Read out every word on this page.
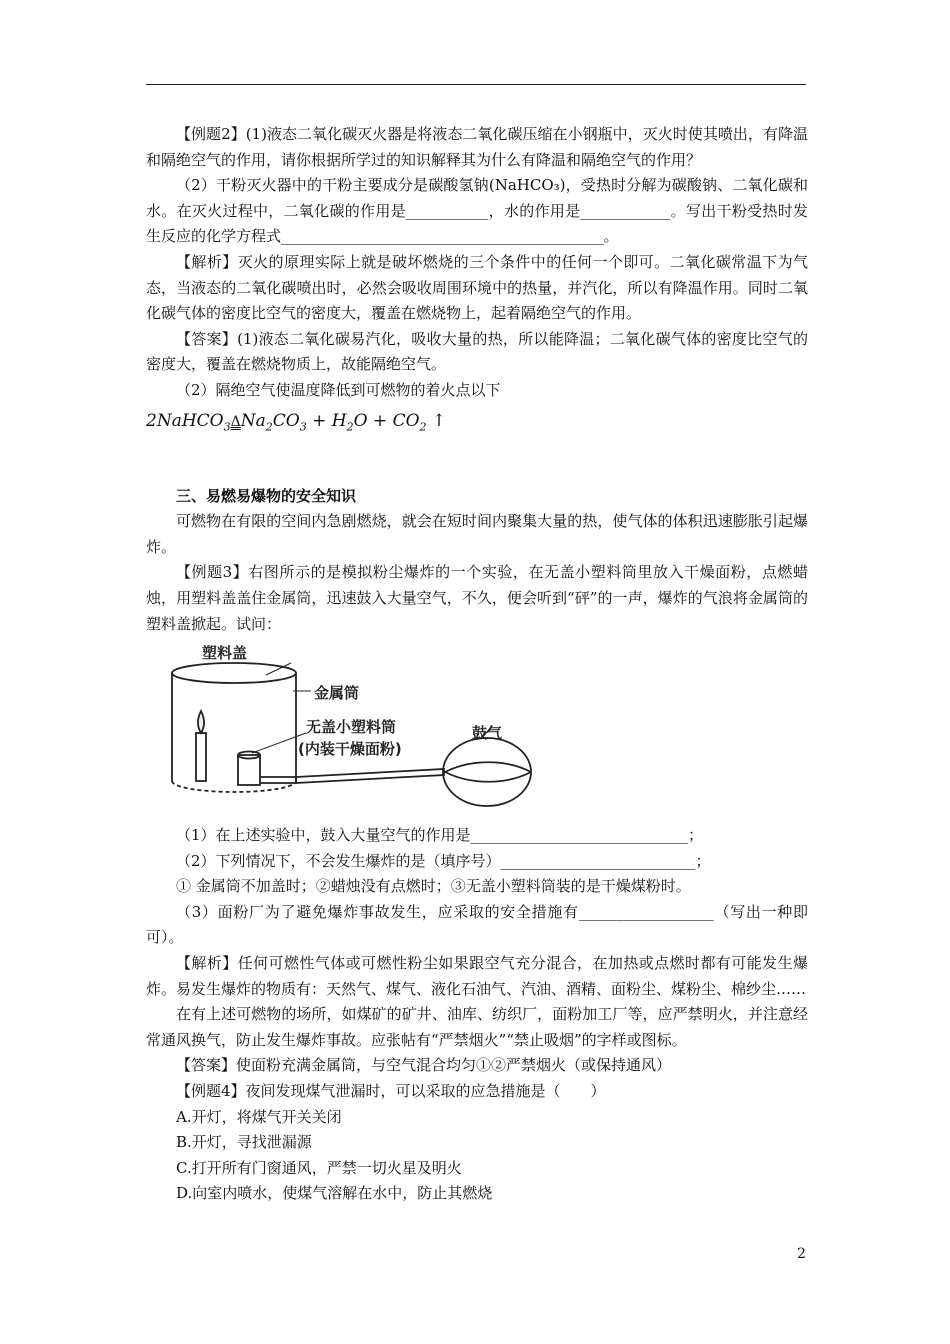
【例题2】(1)液态二氧化碳灭火器是将液态二氧化碳压缩在小钢瓶中，灭火时使其喷出，有降温和隔绝空气的作用，请你根据所学过的知识解释其为什么有降温和隔绝空气的作用？

（2）干粉灭火器中的干粉主要成分是碳酸氢钠(NaHCO₃)，受热时分解为碳酸钠、二氧化碳和水。在灭火过程中，二氧化碳的作用是___________，水的作用是____________。写出干粉受热时发生反应的化学方程式___________________________________________。

【解析】灭火的原理实际上就是破坏燃烧的三个条件中的任何一个即可。二氧化碳常温下为气态，当液态的二氧化碳喷出时，必然会吸收周围环境中的热量，并汽化，所以有降温作用。同时二氧化碳气体的密度比空气的密度大，覆盖在燃烧物上，起着隔绝空气的作用。

【答案】(1)液态二氧化碳易汽化，吸收大量的热，所以能降温；二氧化碳气体的密度比空气的密度大，覆盖在燃烧物质上，故能隔绝空气。

（2）隔绝空气使温度降低到可燃物的着火点以下

$2NaHCO_3\Delta Na_2CO_3 + H_2O + CO_2$ ↑

三、易燃易爆物的安全知识

可燃物在有限的空间内急剧燃烧，就会在短时间内聚集大量的热，使气体的体积迅速膨胀引起爆炸。

【例题3】右图所示的是模拟粉尘爆炸的一个实验，在无盖小塑料筒里放入干燥面粉，点燃蜡烛，用塑料盖盖住金属筒，迅速鼓入大量空气，不久，便会听到“砰”的一声，爆炸的气浪将金属筒的塑料盖掀起。试问：

塑料盖
金属筒
无盖小塑料筒
(内装干燥面粉)
鼓气

（1）在上述实验中，鼓入大量空气的作用是_____________________________；

（2）下列情况下，不会发生爆炸的是（填序号）__________________________；

① 金属筒不加盖时；②蜡烛没有点燃时；③无盖小塑料筒装的是干燥煤粉时。

（3）面粉厂为了避免爆炸事故发生，应采取的安全措施有__________________（写出一种即可）。

【解析】任何可燃性气体或可燃性粉尘如果跟空气充分混合，在加热或点燃时都有可能发生爆炸。易发生爆炸的物质有：天然气、煤气、液化石油气、汽油、酒精、面粉尘、煤粉尘、棉纱尘……

在有上述可燃物的场所，如煤矿的矿井、油库、纺织厂，面粉加工厂等，应严禁明火，并注意经常通风换气，防止发生爆炸事故。应张帖有“严禁烟火”“禁止吸烟”的字样或图标。

【答案】使面粉充满金属筒，与空气混合均匀①②严禁烟火（或保持通风）

【例题4】夜间发现煤气泄漏时，可以采取的应急措施是（　　）

A.开灯，将煤气开关关闭

B.开灯，寻找泄漏源

C.打开所有门窗通风，严禁一切火星及明火

D.向室内喷水，使煤气溶解在水中，防止其燃烧

2
